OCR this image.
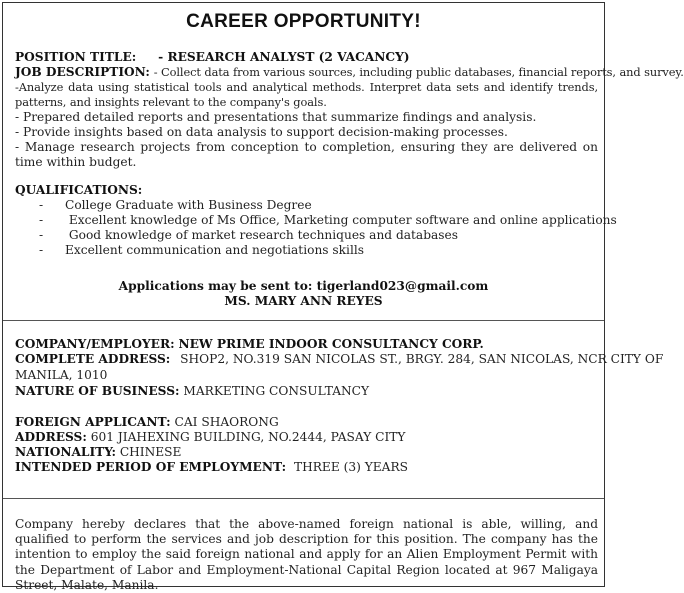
CAREER OPPORTUNITY!
POSITION TITLE: - RESEARCH ANALYST (2 VACANCY)
JOB DESCRIPTION: - Collect data from various sources, including public databases, financial reports, and survey.
-Analyze data using statistical tools and analytical methods. Interpret data sets and identify trends, patterns, and insights relevant to the company's goals.
- Prepared detailed reports and presentations that summarize findings and analysis.
- Provide insights based on data analysis to support decision-making processes.
- Manage research projects from conception to completion, ensuring they are delivered on time within budget.
QUALIFICATIONS:
- College Graduate with Business Degree
- Excellent knowledge of Ms Office, Marketing computer software and online applications
- Good knowledge of market research techniques and databases
- Excellent communication and negotiations skills
Applications may be sent to: tigerland023@gmail.com
MS. MARY ANN REYES
COMPANY/EMPLOYER: NEW PRIME INDOOR CONSULTANCY CORP.
COMPLETE ADDRESS: SHOP2, NO.319 SAN NICOLAS ST., BRGY. 284, SAN NICOLAS, NCR CITY OF
MANILA, 1010
NATURE OF BUSINESS: MARKETING CONSULTANCY
FOREIGN APPLICANT: CAI SHAORONG
ADDRESS: 601 JIAHEXING BUILDING, NO.2444, PASAY CITY
NATIONALITY: CHINESE
INTENDED PERIOD OF EMPLOYMENT: THREE (3) YEARS
Company hereby declares that the above-named foreign national is able, willing, and qualified to perform the services and job description for this position. The company has the intention to employ the said foreign national and apply for an Alien Employment Permit with the Department of Labor and Employment-National Capital Region located at 967 Maligaya Street, Malate, Manila.
